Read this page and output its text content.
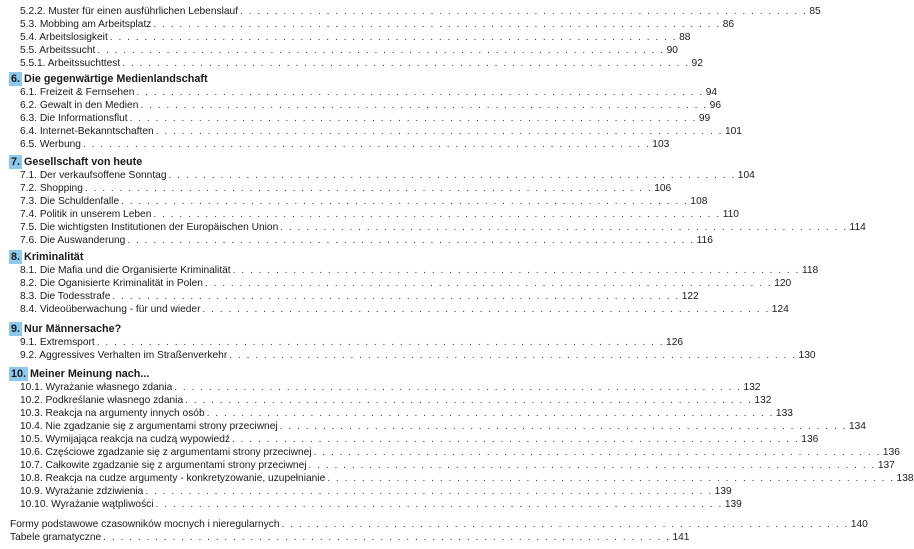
5.2.2. Muster für einen ausführlichen Lebenslauf . . . . . . . . . . . . . . . . . . . . . . . . . . . . . . . . . . . . . . . . . . . . . . . . . . . . . . . . . . . . . . . . . . 85
5.3. Mobbing am Arbeitsplatz . . . . . . . . . . . . . . . . . . . . . . . . . . . . . . . . . . . . . . . . . . . . . . . . . . . . . . . . . . . . . . . . . . 86
5.4. Arbeitslosigkeit . . . . . . . . . . . . . . . . . . . . . . . . . . . . . . . . . . . . . . . . . . . . . . . . . . . . . . . . . . . . . . . . . . 88
5.5. Arbeitssucht . . . . . . . . . . . . . . . . . . . . . . . . . . . . . . . . . . . . . . . . . . . . . . . . . . . . . . . . . . . . . . . . . . 90
5.5.1. Arbeitssuchttest . . . . . . . . . . . . . . . . . . . . . . . . . . . . . . . . . . . . . . . . . . . . . . . . . . . . . . . . . . . . . . . . . . 92
6. Die gegenwärtige Medienlandschaft
6.1. Freizeit & Fernsehen . . . . . . . . . . . . . . . . . . . . . . . . . . . . . . . . . . . . . . . . . . . . . . . . . . . . . . . . . . . . . . . . . . 94
6.2. Gewalt in den Medien . . . . . . . . . . . . . . . . . . . . . . . . . . . . . . . . . . . . . . . . . . . . . . . . . . . . . . . . . . . . . . . . . . 96
6.3. Die Informationsflut . . . . . . . . . . . . . . . . . . . . . . . . . . . . . . . . . . . . . . . . . . . . . . . . . . . . . . . . . . . . . . . . . . 99
6.4. Internet-Bekanntschaften . . . . . . . . . . . . . . . . . . . . . . . . . . . . . . . . . . . . . . . . . . . . . . . . . . . . . . . . . . . . . . . . . . 101
6.5. Werbung . . . . . . . . . . . . . . . . . . . . . . . . . . . . . . . . . . . . . . . . . . . . . . . . . . . . . . . . . . . . . . . . . . 103
7. Gesellschaft von heute
7.1. Der verkaufsoffene Sonntag . . . . . . . . . . . . . . . . . . . . . . . . . . . . . . . . . . . . . . . . . . . . . . . . . . . . . . . . . . . . . . . . . . 104
7.2. Shopping . . . . . . . . . . . . . . . . . . . . . . . . . . . . . . . . . . . . . . . . . . . . . . . . . . . . . . . . . . . . . . . . . . 106
7.3. Die Schuldenfalle . . . . . . . . . . . . . . . . . . . . . . . . . . . . . . . . . . . . . . . . . . . . . . . . . . . . . . . . . . . . . . . . . . 108
7.4. Politik in unserem Leben . . . . . . . . . . . . . . . . . . . . . . . . . . . . . . . . . . . . . . . . . . . . . . . . . . . . . . . . . . . . . . . . . . 110
7.5. Die wichtigsten Institutionen der Europäischen Union . . . . . . . . . . . . . . . . . . . . . . . . . . . . . . . . . . . . . . . . . . . . . . . . . . . . . . . . . . . . . . . . . . 114
7.6. Die Auswanderung . . . . . . . . . . . . . . . . . . . . . . . . . . . . . . . . . . . . . . . . . . . . . . . . . . . . . . . . . . . . . . . . . . 116
8. Kriminalität
8.1. Die Mafia und die Organisierte Kriminalität . . . . . . . . . . . . . . . . . . . . . . . . . . . . . . . . . . . . . . . . . . . . . . . . . . . . . . . . . . . . . . . . . . 118
8.2. Die Oganisierte Kriminalität in Polen . . . . . . . . . . . . . . . . . . . . . . . . . . . . . . . . . . . . . . . . . . . . . . . . . . . . . . . . . . . . . . . . . . 120
8.3. Die Todesstrafe . . . . . . . . . . . . . . . . . . . . . . . . . . . . . . . . . . . . . . . . . . . . . . . . . . . . . . . . . . . . . . . . . . 122
8.4. Videoüberwachung - für und wieder . . . . . . . . . . . . . . . . . . . . . . . . . . . . . . . . . . . . . . . . . . . . . . . . . . . . . . . . . . . . . . . . . . 124
9. Nur Männersache?
9.1. Extremsport . . . . . . . . . . . . . . . . . . . . . . . . . . . . . . . . . . . . . . . . . . . . . . . . . . . . . . . . . . . . . . . . . . 126
9.2. Aggressives Verhalten im Straßenverkehr . . . . . . . . . . . . . . . . . . . . . . . . . . . . . . . . . . . . . . . . . . . . . . . . . . . . . . . . . . . . . . . . . . 130
10. Meiner Meinung nach...
10.1. Wyrażanie własnego zdania . . . . . . . . . . . . . . . . . . . . . . . . . . . . . . . . . . . . . . . . . . . . . . . . . . . . . . . . . . . . . . . . . . 132
10.2. Podkreślanie własnego zdania . . . . . . . . . . . . . . . . . . . . . . . . . . . . . . . . . . . . . . . . . . . . . . . . . . . . . . . . . . . . . . . . . . 132
10.3. Reakcja na argumenty innych osób . . . . . . . . . . . . . . . . . . . . . . . . . . . . . . . . . . . . . . . . . . . . . . . . . . . . . . . . . . . . . . . . . . 133
10.4. Nie zgadzanie się z argumentami strony przeciwnej . . . . . . . . . . . . . . . . . . . . . . . . . . . . . . . . . . . . . . . . . . . . . . . . . . . . . . . . . . . . . . . . . . 134
10.5. Wymijająca reakcja na cudzą wypowiedź . . . . . . . . . . . . . . . . . . . . . . . . . . . . . . . . . . . . . . . . . . . . . . . . . . . . . . . . . . . . . . . . . . 136
10.6. Częściowe zgadzanie się z argumentami strony przeciwnej . . . . . . . . . . . . . . . . . . . . . . . . . . . . . . . . . . . . . . . . . . . . . . . . . . . . . . . . . . . . . . . . . . 136
10.7. Całkowite zgadzanie się z argumentami strony przeciwnej . . . . . . . . . . . . . . . . . . . . . . . . . . . . . . . . . . . . . . . . . . . . . . . . . . . . . . . . . . . . . . . . . . 137
10.8. Reakcja na cudze argumenty - konkretyzowanie, uzupełnianie . . . . . . . . . . . . . . . . . . . . . . . . . . . . . . . . . . . . . . . . . . . . . . . . . . . . . . . . . . . . . . . . . . 138
10.9. Wyrażanie zdziwienia . . . . . . . . . . . . . . . . . . . . . . . . . . . . . . . . . . . . . . . . . . . . . . . . . . . . . . . . . . . . . . . . . . 139
10.10. Wyrażanie wątpliwości . . . . . . . . . . . . . . . . . . . . . . . . . . . . . . . . . . . . . . . . . . . . . . . . . . . . . . . . . . . . . . . . . . 139
Formy podstawowe czasowników mocnych i nieregularnych . . . . . . . . . . . . . . . . . . . . . . . . . . . . . . . . . . . . . . . . . . . . . . . . . . . . . . . . . . . . . . . . . . 140
Tabele gramatyczne . . . . . . . . . . . . . . . . . . . . . . . . . . . . . . . . . . . . . . . . . . . . . . . . . . . . . . . . . . . . . . . . . . 141
